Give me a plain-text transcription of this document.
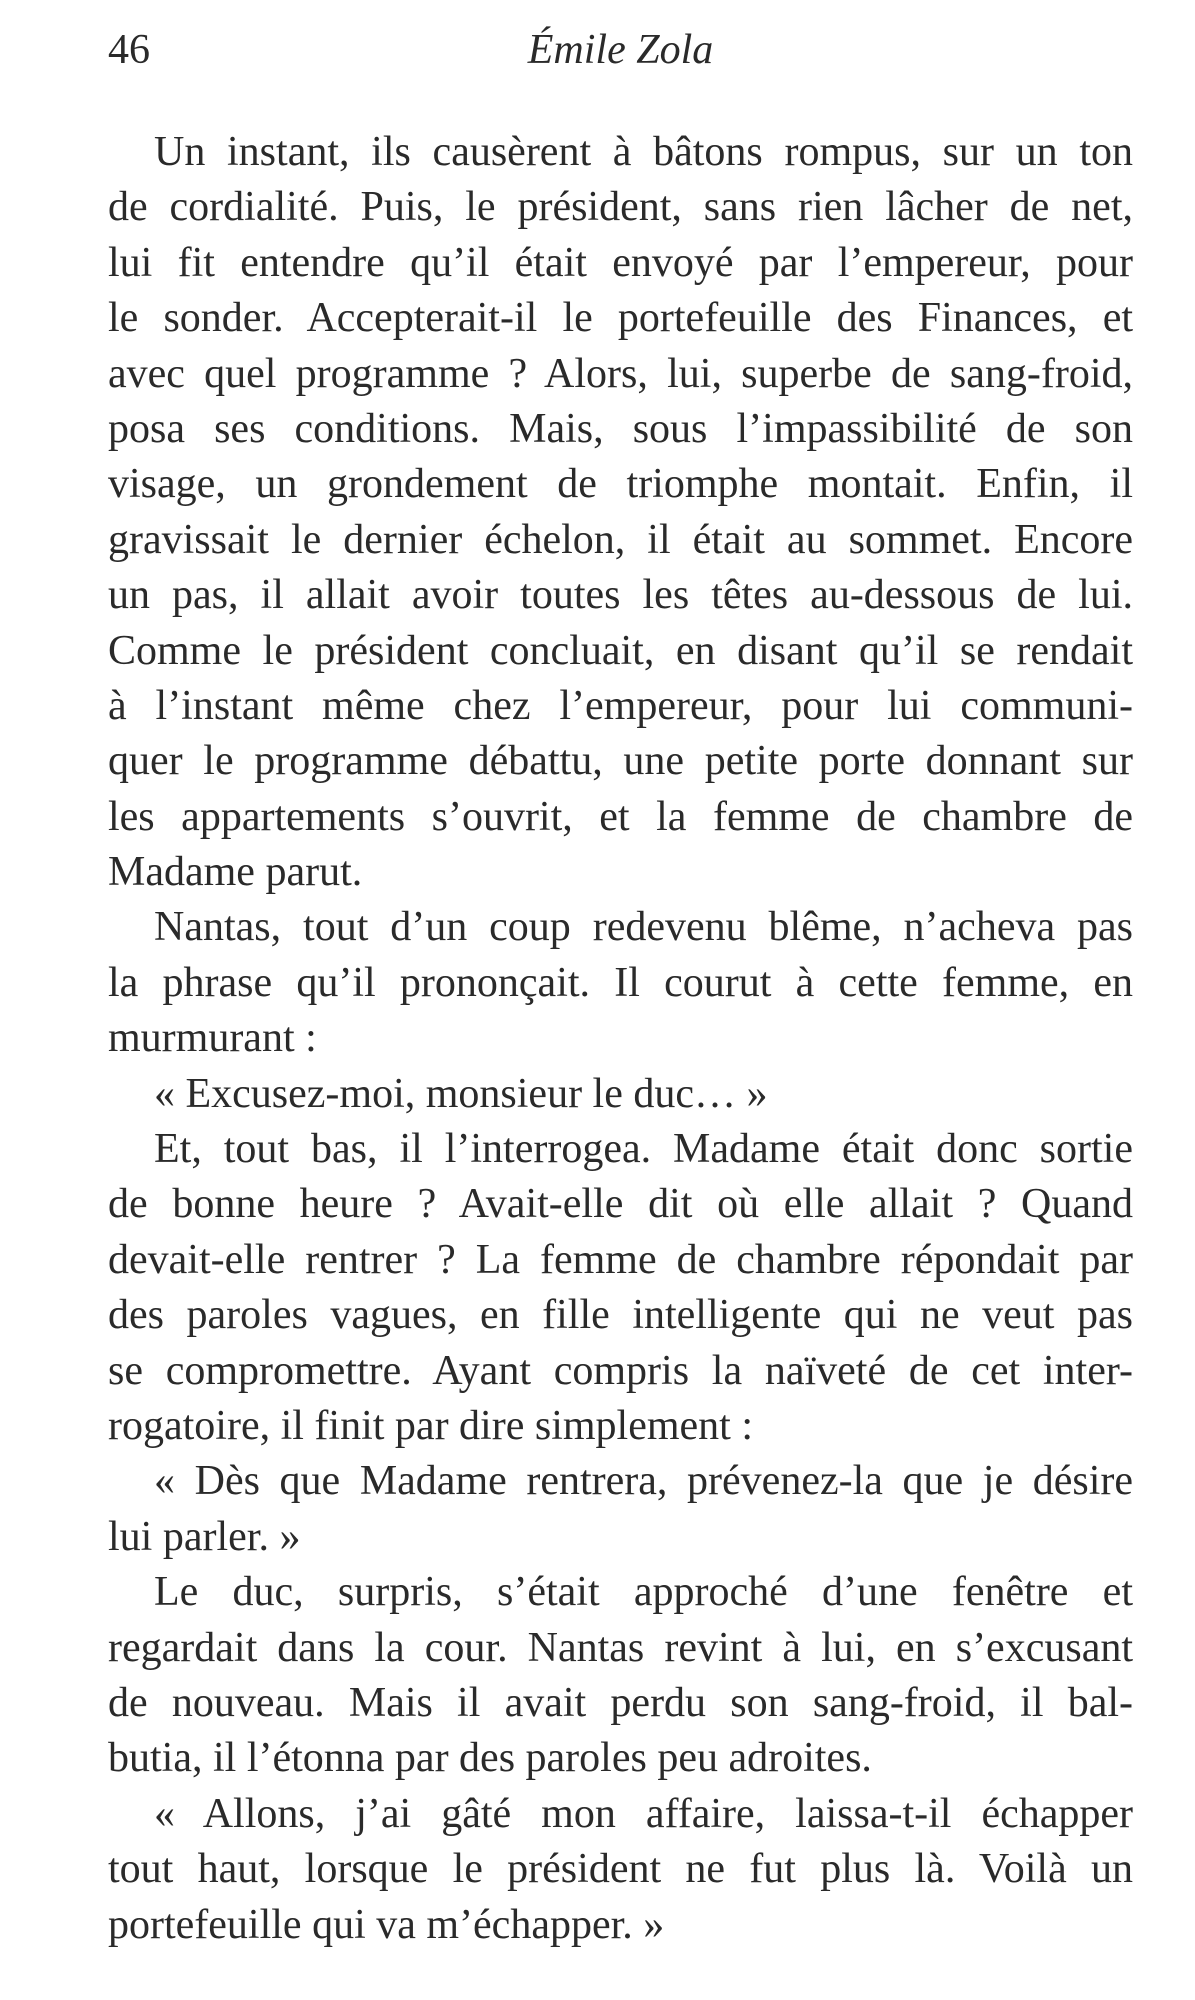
46	Émile Zola
Un instant, ils causèrent à bâtons rompus, sur un ton
de cordialité. Puis, le président, sans rien lâcher de net,
lui fit entendre qu’il était envoyé par l’empereur, pour
le sonder. Accepterait-il le portefeuille des Finances, et
avec quel programme ? Alors, lui, superbe de sang-froid,
posa ses conditions. Mais, sous l’impassibilité de son
visage, un grondement de triomphe montait. Enfin, il
gravissait le dernier échelon, il était au sommet. Encore
un pas, il allait avoir toutes les têtes au-dessous de lui.
Comme le président concluait, en disant qu’il se rendait
à l’instant même chez l’empereur, pour lui communi-
quer le programme débattu, une petite porte donnant sur
les appartements s’ouvrit, et la femme de chambre de
Madame parut.
Nantas, tout d’un coup redevenu blême, n’acheva pas
la phrase qu’il prononçait. Il courut à cette femme, en
murmurant :
« Excusez-moi, monsieur le duc… »
Et, tout bas, il l’interrogea. Madame était donc sortie
de bonne heure ? Avait-elle dit où elle allait ? Quand
devait-elle rentrer ? La femme de chambre répondait par
des paroles vagues, en fille intelligente qui ne veut pas
se compromettre. Ayant compris la naïveté de cet inter-
rogatoire, il finit par dire simplement :
« Dès que Madame rentrera, prévenez-la que je désire
lui parler. »
Le duc, surpris, s’était approché d’une fenêtre et
regardait dans la cour. Nantas revint à lui, en s’excusant
de nouveau. Mais il avait perdu son sang-froid, il bal-
butia, il l’étonna par des paroles peu adroites.
« Allons, j’ai gâté mon affaire, laissa-t-il échapper
tout haut, lorsque le président ne fut plus là. Voilà un
portefeuille qui va m’échapper. »
